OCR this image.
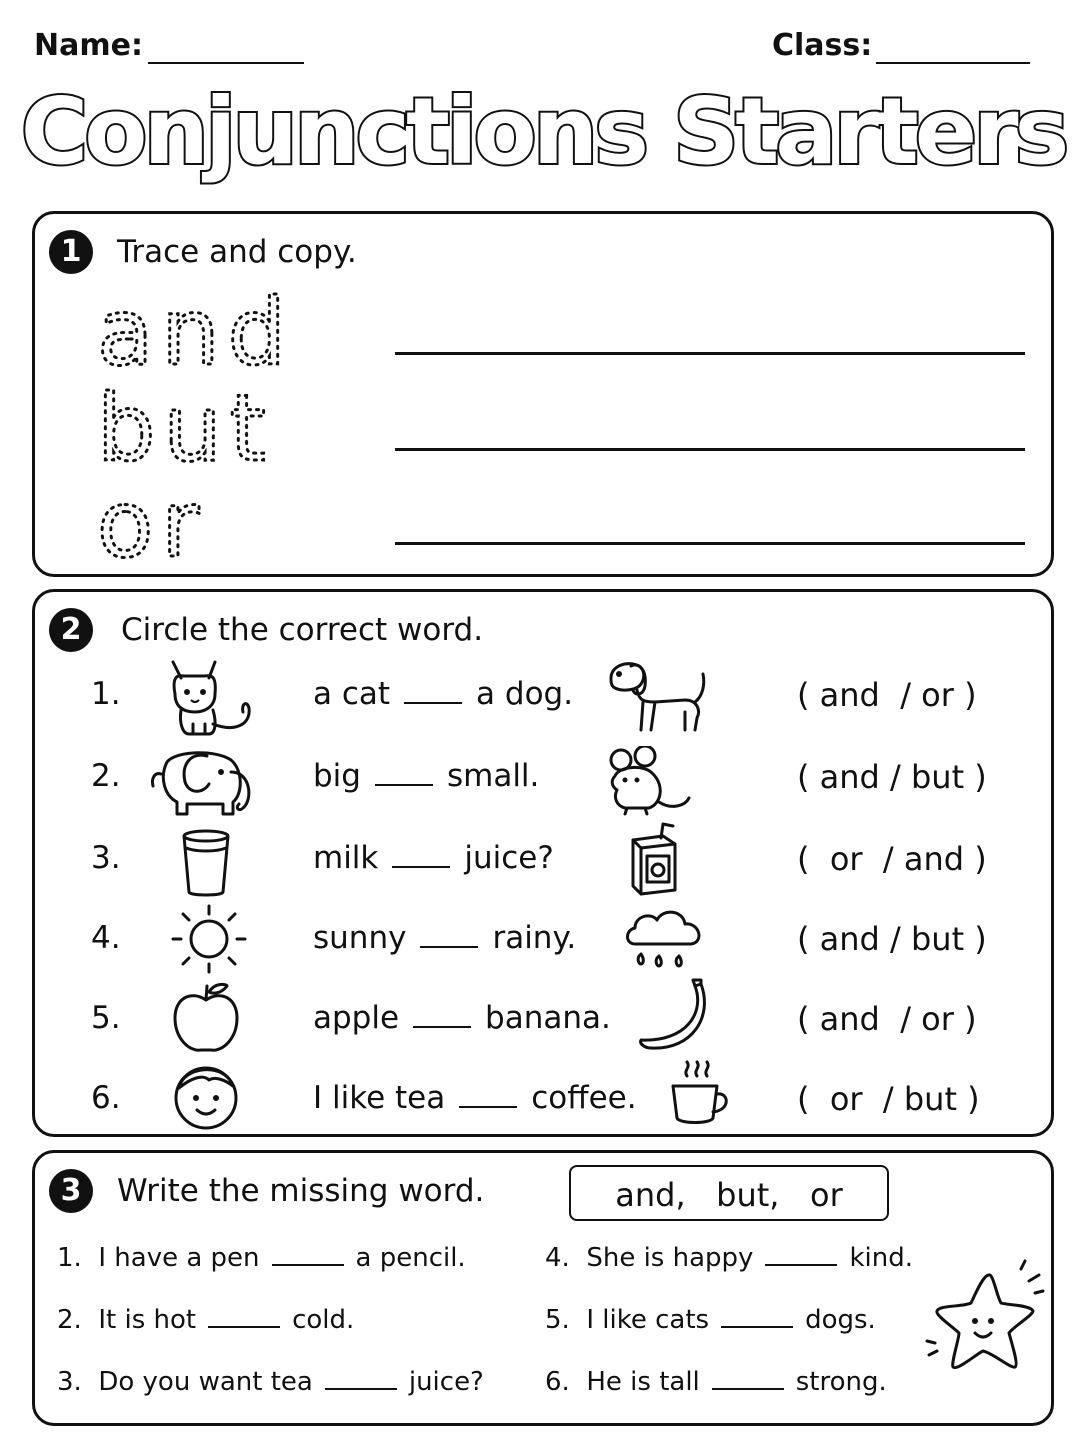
Name:	Class:
Conjunctions Starters
1	Trace and copy.
and
but
or
2	Circle the correct word.
1.	a cat	a dog.	( and  / or )
2.	big	small.	( and / but )
3.	milk	juice?	(  or  / and )
4.	sunny	rainy.	( and / but )
5.	apple	banana.	( and  / or )
6.	I like tea	coffee.	(  or  / but )
3	Write the missing word.	and,   but,   or
1. I have a pen	a pencil.
2. It is hot	cold.
3. Do you want tea	juice?
4. She is happy	kind.
5. I like cats	dogs.
6. He is tall	strong.
